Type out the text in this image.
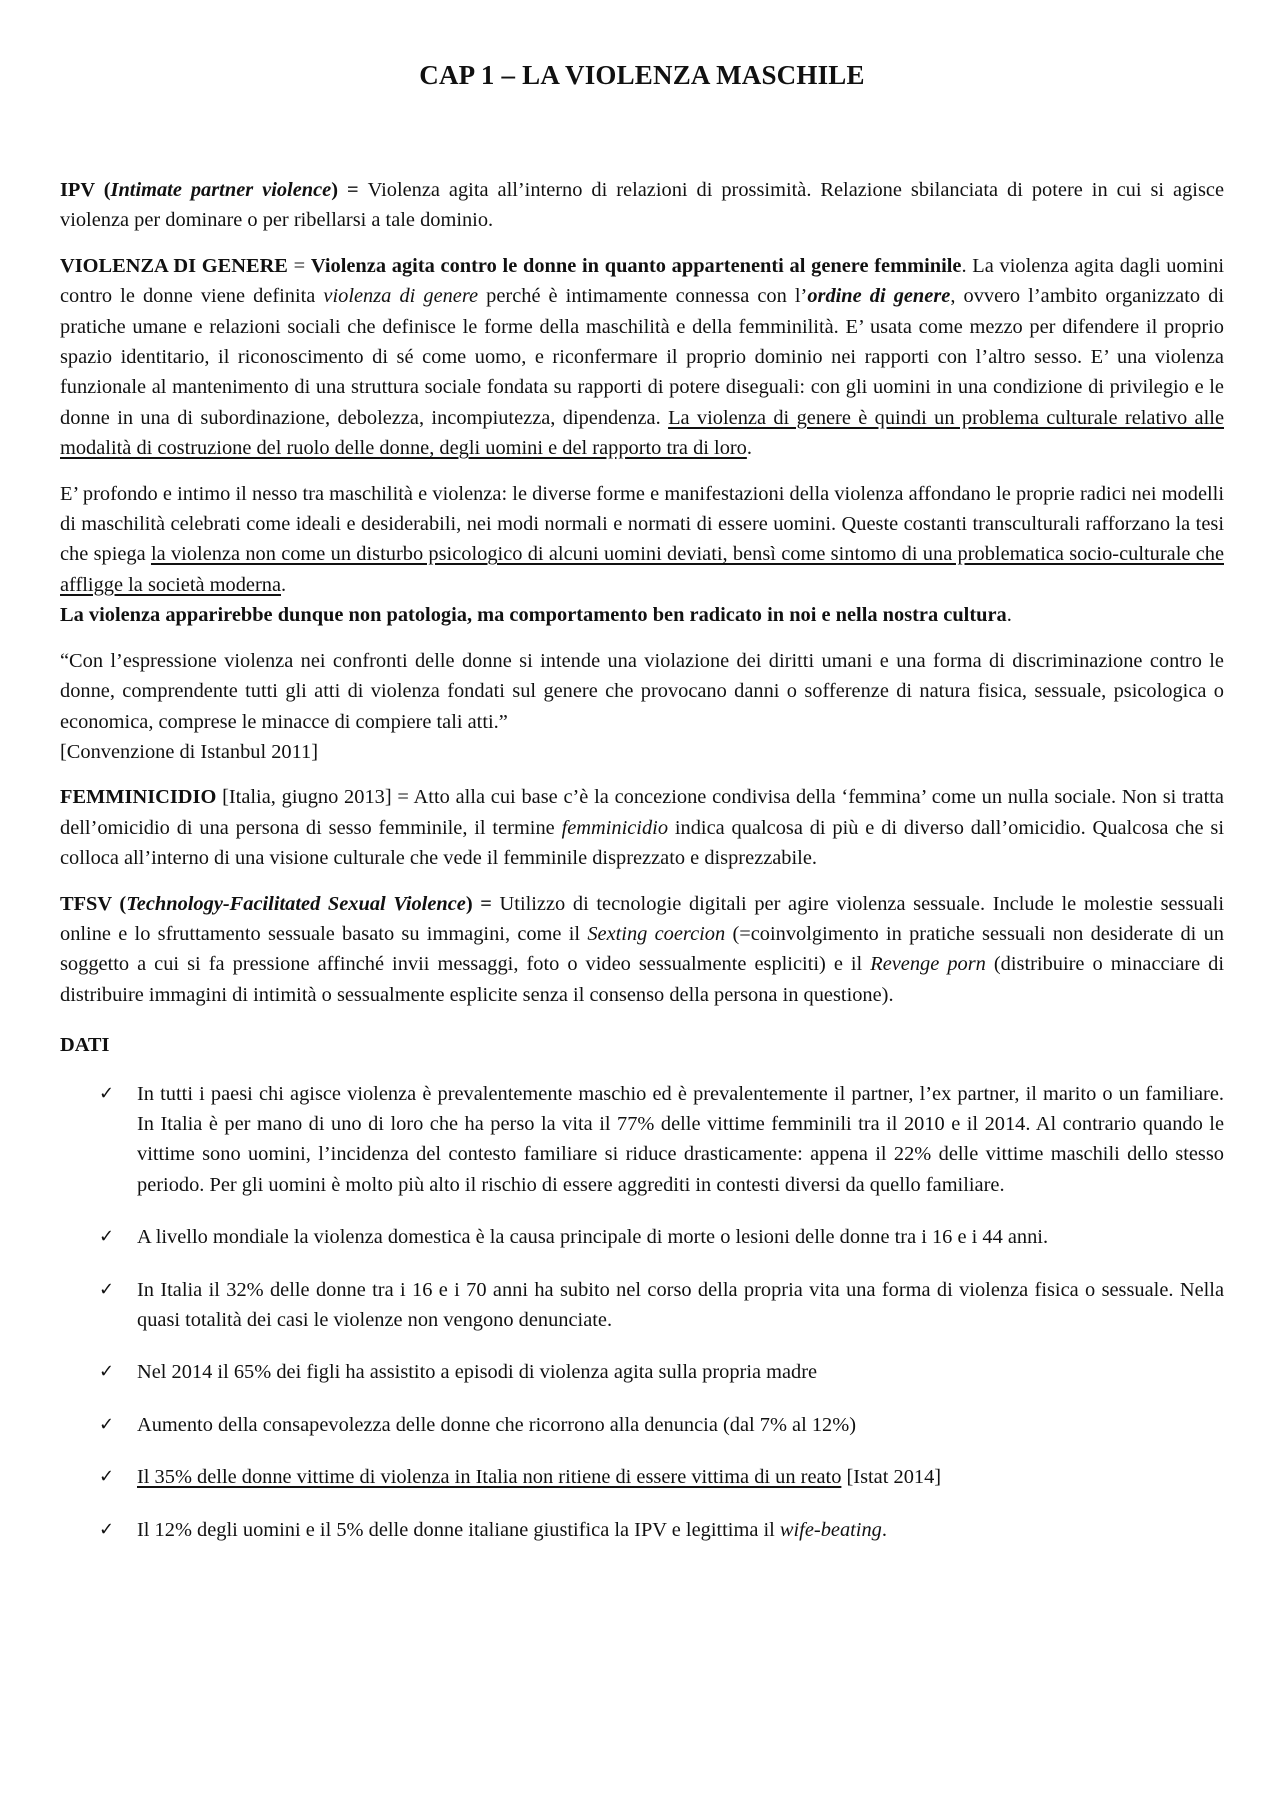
CAP 1 – LA VIOLENZA MASCHILE

IPV (Intimate partner violence) = Violenza agita all’interno di relazioni di prossimità. Relazione sbilanciata di potere in cui si agisce violenza per dominare o per ribellarsi a tale dominio.

VIOLENZA DI GENERE = Violenza agita contro le donne in quanto appartenenti al genere femminile. La violenza agita dagli uomini contro le donne viene definita violenza di genere perché è intimamente connessa con l’ordine di genere, ovvero l’ambito organizzato di pratiche umane e relazioni sociali che definisce le forme della maschilità e della femminilità. E’ usata come mezzo per difendere il proprio spazio identitario, il riconoscimento di sé come uomo, e riconfermare il proprio dominio nei rapporti con l’altro sesso. E’ una violenza funzionale al mantenimento di una struttura sociale fondata su rapporti di potere diseguali: con gli uomini in una condizione di privilegio e le donne in una di subordinazione, debolezza, incompiutezza, dipendenza. La violenza di genere è quindi un problema culturale relativo alle modalità di costruzione del ruolo delle donne, degli uomini e del rapporto tra di loro.

E’ profondo e intimo il nesso tra maschilità e violenza: le diverse forme e manifestazioni della violenza affondano le proprie radici nei modelli di maschilità celebrati come ideali e desiderabili, nei modi normali e normati di essere uomini. Queste costanti transculturali rafforzano la tesi che spiega la violenza non come un disturbo psicologico di alcuni uomini deviati, bensì come sintomo di una problematica socio-culturale che affligge la società moderna.
La violenza apparirebbe dunque non patologia, ma comportamento ben radicato in noi e nella nostra cultura.

“Con l’espressione violenza nei confronti delle donne si intende una violazione dei diritti umani e una forma di discriminazione contro le donne, comprendente tutti gli atti di violenza fondati sul genere che provocano danni o sofferenze di natura fisica, sessuale, psicologica o economica, comprese le minacce di compiere tali atti.”
[Convenzione di Istanbul 2011]

FEMMINICIDIO [Italia, giugno 2013] = Atto alla cui base c’è la concezione condivisa della ‘femmina’ come un nulla sociale. Non si tratta dell’omicidio di una persona di sesso femminile, il termine femminicidio indica qualcosa di più e di diverso dall’omicidio. Qualcosa che si colloca all’interno di una visione culturale che vede il femminile disprezzato e disprezzabile.

TFSV (Technology-Facilitated Sexual Violence) = Utilizzo di tecnologie digitali per agire violenza sessuale. Include le molestie sessuali online e lo sfruttamento sessuale basato su immagini, come il Sexting coercion (=coinvolgimento in pratiche sessuali non desiderate di un soggetto a cui si fa pressione affinché invii messaggi, foto o video sessualmente espliciti) e il Revenge porn (distribuire o minacciare di distribuire immagini di intimità o sessualmente esplicite senza il consenso della persona in questione).

DATI

✓ In tutti i paesi chi agisce violenza è prevalentemente maschio ed è prevalentemente il partner, l’ex partner, il marito o un familiare. In Italia è per mano di uno di loro che ha perso la vita il 77% delle vittime femminili tra il 2010 e il 2014. Al contrario quando le vittime sono uomini, l’incidenza del contesto familiare si riduce drasticamente: appena il 22% delle vittime maschili dello stesso periodo. Per gli uomini è molto più alto il rischio di essere aggrediti in contesti diversi da quello familiare.
✓ A livello mondiale la violenza domestica è la causa principale di morte o lesioni delle donne tra i 16 e i 44 anni.
✓ In Italia il 32% delle donne tra i 16 e i 70 anni ha subito nel corso della propria vita una forma di violenza fisica o sessuale. Nella quasi totalità dei casi le violenze non vengono denunciate.
✓ Nel 2014 il 65% dei figli ha assistito a episodi di violenza agita sulla propria madre
✓ Aumento della consapevolezza delle donne che ricorrono alla denuncia (dal 7% al 12%)
✓ Il 35% delle donne vittime di violenza in Italia non ritiene di essere vittima di un reato [Istat 2014]
✓ Il 12% degli uomini e il 5% delle donne italiane giustifica la IPV e legittima il wife-beating.
